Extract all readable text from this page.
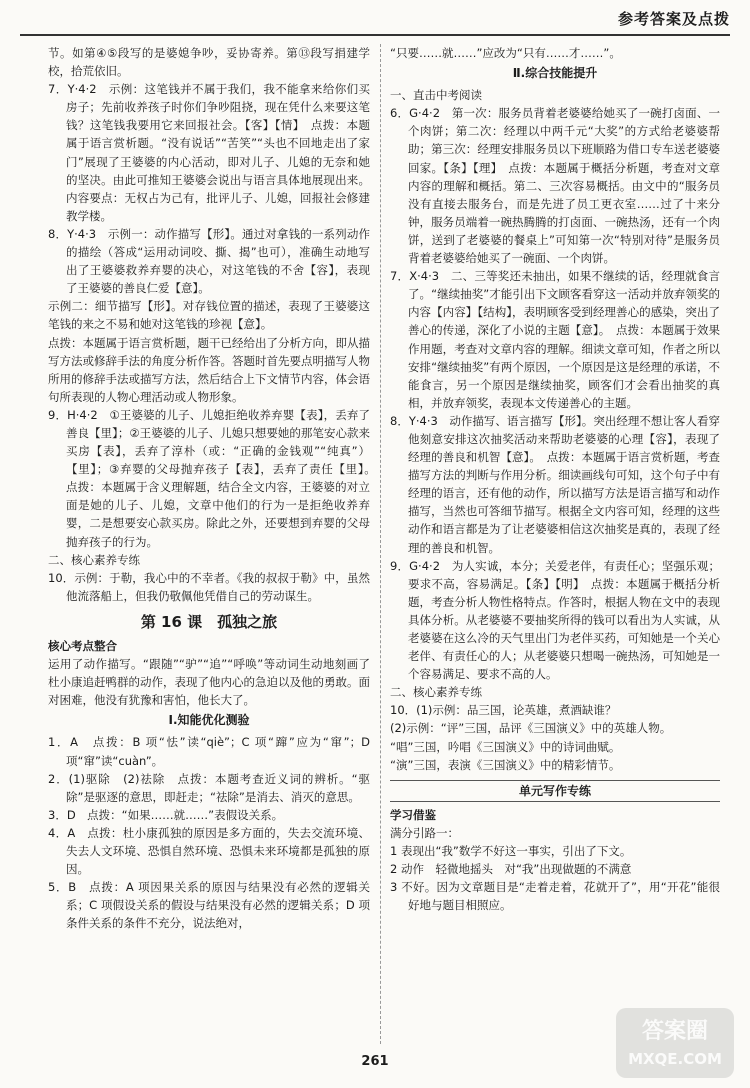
参考答案及点拨
节。如第④⑤段写的是婆媳争吵，妥协寄养。第⑬段写捐建学校，拾荒依旧。
7．Y·4·2　示例：这笔钱并不属于我们，我不能拿来给你们买房子；先前收养孩子时你们争吵阻挠，现在凭什么来要这笔钱？这笔钱我要用它来回报社会。【客】【情】　点拨：本题属于语言赏析题。“没有说话”“苦笑”“头也不回地走出了家门”展现了王婆婆的内心活动，即对儿子、儿媳的无奈和她的坚决。由此可推知王婆婆会说出与语言具体地展现出来。内容要点：无权占为己有，批评儿子、儿媳，回报社会修建教学楼。
8．Y·4·3　示例一：动作描写【形】。通过对拿钱的一系列动作的描绘（答成“运用动词咬、撕、揭”也可），准确生动地写出了王婆婆救养弃婴的决心，对这笔钱的不舍【容】，表现了王婆婆的善良仁爱【意】。
示例二：细节描写【形】。对存钱位置的描述，表现了王婆婆这笔钱的来之不易和她对这笔钱的珍视【意】。
点拨：本题属于语言赏析题，题干已经给出了分析方向，即从描写方法或修辞手法的角度分析作答。答题时首先要点明描写人物所用的修辞手法或描写方法，然后结合上下文情节内容，体会语句所表现的人物心理活动或人物形象。
9．H·4·2　①王婆婆的儿子、儿媳拒绝收养弃婴【表】，丢弃了善良【里】；②王婆婆的儿子、儿媳只想要她的那笔安心款来买房【表】，丢弃了淳朴（或：“正确的金钱观”“纯真”）【里】；③弃婴的父母抛弃孩子【表】，丢弃了责任【里】。　点拨：本题属于含义理解题，结合全文内容，王婆婆的对立面是她的儿子、儿媳，文章中他们的行为一是拒绝收养弃婴，二是想要安心款买房。除此之外，还要想到弃婴的父母抛弃孩子的行为。
二、核心素养专练
10．示例：于勒，我心中的不幸者。《我的叔叔于勒》中，虽然他流落船上，但我仍敬佩他凭借自己的劳动谋生。
第 16 课　孤独之旅
核心考点整合
运用了动作描写。“跟随”“驴”“追”“呼唤”等动词生动地刻画了杜小康追赶鸭群的动作，表现了他内心的急迫以及他的勇敢。面对困难，他没有犹豫和害怕，他长大了。
Ⅰ.知能优化测验
1．A　点拨：B 项“怯”读“qiè”；C 项“蹿”应为“窜”；D 项“窜”读“cuàn”。
2．(1)驱除　(2)祛除　点拨：本题考查近义词的辨析。“驱除”是驱逐的意思，即赶走；“祛除”是消去、消灭的意思。
3．D　点拨：“如果……就……”表假设关系。
4．A　点拨：杜小康孤独的原因是多方面的，失去交流环境、失去人文环境、恐惧自然环境、恐惧未来环境都是孤独的原因。
5．B　点拨：A 项因果关系的原因与结果没有必然的逻辑关系；C 项假设关系的假设与结果没有必然的逻辑关系；D 项条件关系的条件不充分，说法绝对，
“只要……就……”应改为“只有……才……”。
Ⅱ.综合技能提升
一、直击中考阅读
6．G·4·2　第一次：服务员背着老婆婆给她买了一碗打卤面、一个肉饼；第二次：经理以中两千元“大奖”的方式给老婆婆帮助；第三次：经理安排服务员以下班顺路为借口专车送老婆婆回家。【条】【理】　点拨：本题属于概括分析题，考查对文章内容的理解和概括。第二、三次容易概括。由文中的“服务员没有直接去服务台，而是先进了员工更衣室……过了十来分钟，服务员端着一碗热腾腾的打卤面、一碗热汤，还有一个肉饼，送到了老婆婆的餐桌上”可知第一次“特别对待”是服务员背着老婆婆给她买了一碗面、一个肉饼。
7．X·4·3　二、三等奖还未抽出，如果不继续的话，经理就食言了。“继续抽奖”才能引出下文顾客看穿这一活动并放弃领奖的内容【内容】【结构】，表明顾客受到经理善心的感染，突出了善心的传递，深化了小说的主题【意】。　点拨：本题属于效果作用题，考查对文章内容的理解。细读文章可知，作者之所以安排“继续抽奖”有两个原因，一个原因是这是经理的承诺，不能食言，另一个原因是继续抽奖，顾客们才会看出抽奖的真相，并放弃领奖，表现本文传递善心的主题。
8．Y·4·3　动作描写、语言描写【形】。突出经理不想让客人看穿他刻意安排这次抽奖活动来帮助老婆婆的心理【容】，表现了经理的善良和机智【意】。　点拨：本题属于语言赏析题，考查描写方法的判断与作用分析。细读画线句可知，这个句子中有经理的语言，还有他的动作，所以描写方法是语言描写和动作描写，当然也可答细节描写。根据全文内容可知，经理的这些动作和语言都是为了让老婆婆相信这次抽奖是真的，表现了经理的善良和机智。
9．G·4·2　为人实诚，本分；关爱老伴，有责任心；坚强乐观；要求不高，容易满足。【条】【明】　点拨：本题属于概括分析题，考查分析人物性格特点。作答时，根据人物在文中的表现具体分析。从老婆婆不要抽奖所得的钱可以看出为人实诚，从老婆婆在这么冷的天气里出门为老伴买药，可知她是一个关心老伴、有责任心的人；从老婆婆只想喝一碗热汤，可知她是一个容易满足、要求不高的人。
二、核心素养专练
10．(1)示例：品三国，论英雄，煮酒缺谁？
(2)示例：“评”三国，品评《三国演义》中的英雄人物。
“唱”三国，吟唱《三国演义》中的诗词曲赋。
“演”三国，表演《三国演义》中的精彩情节。
单元写作专练
学习借鉴
满分引路一：
1 表现出“我”数学不好这一事实，引出了下文。
2 动作　轻微地摇头　对“我”出现做题的不满意
3 不好。因为文章题目是“走着走着，花就开了”，用“开花”能很好地与题目相照应。
261
答案圈
MXQE.COM
